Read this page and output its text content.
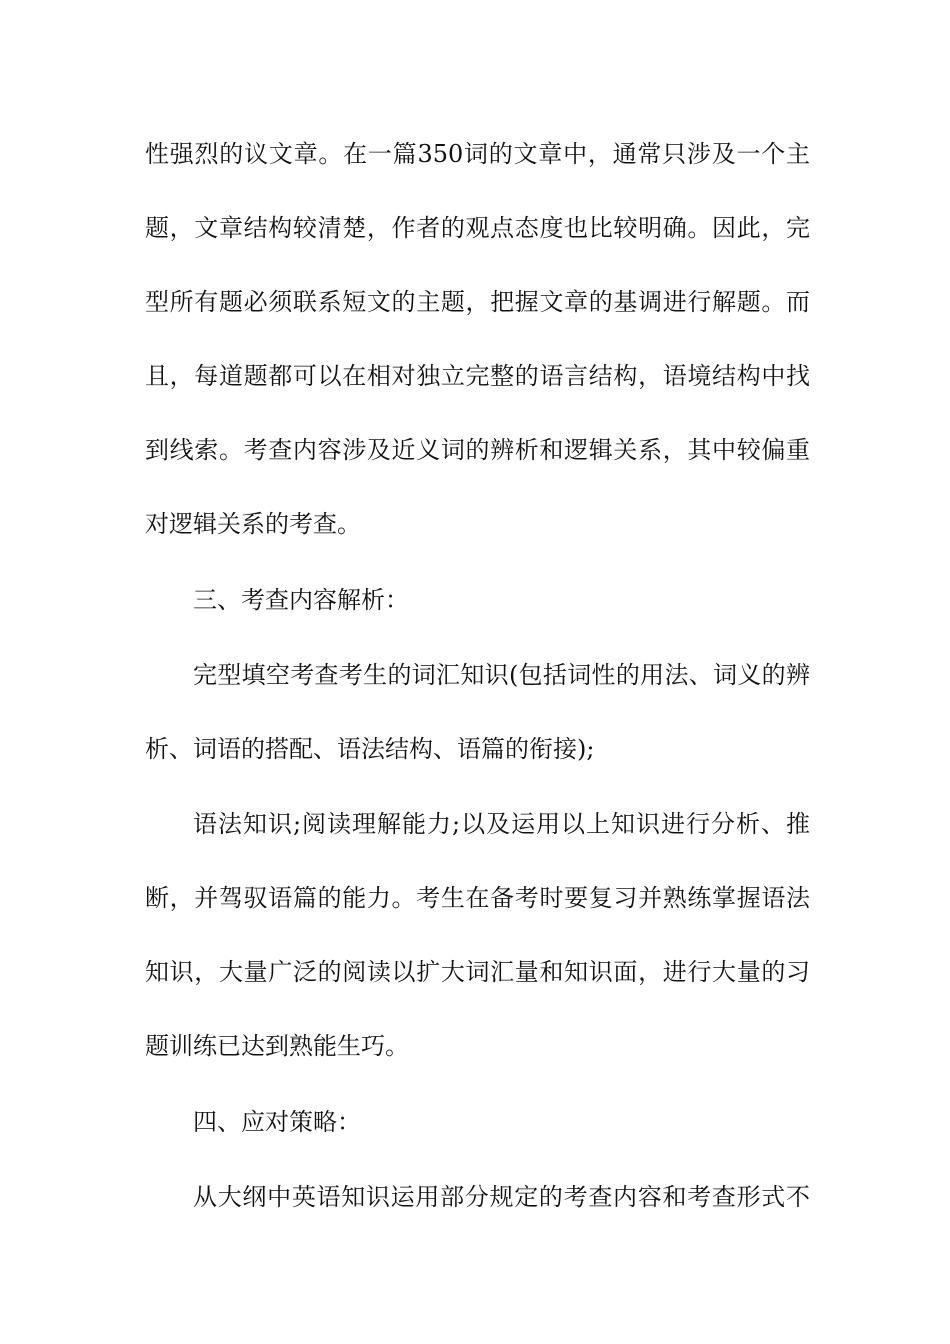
性强烈的议文章。在一篇350词的文章中，通常只涉及一个主
题，文章结构较清楚，作者的观点态度也比较明确。因此，完
型所有题必须联系短文的主题，把握文章的基调进行解题。而
且，每道题都可以在相对独立完整的语言结构，语境结构中找
到线索。考查内容涉及近义词的辨析和逻辑关系，其中较偏重
对逻辑关系的考查。
三、考查内容解析：
完型填空考查考生的词汇知识(包括词性的用法、词义的辨
析、词语的搭配、语法结构、语篇的衔接);
语法知识;阅读理解能力;以及运用以上知识进行分析、推
断，并驾驭语篇的能力。考生在备考时要复习并熟练掌握语法
知识，大量广泛的阅读以扩大词汇量和知识面，进行大量的习
题训练已达到熟能生巧。
四、应对策略：
从大纲中英语知识运用部分规定的考查内容和考查形式不
